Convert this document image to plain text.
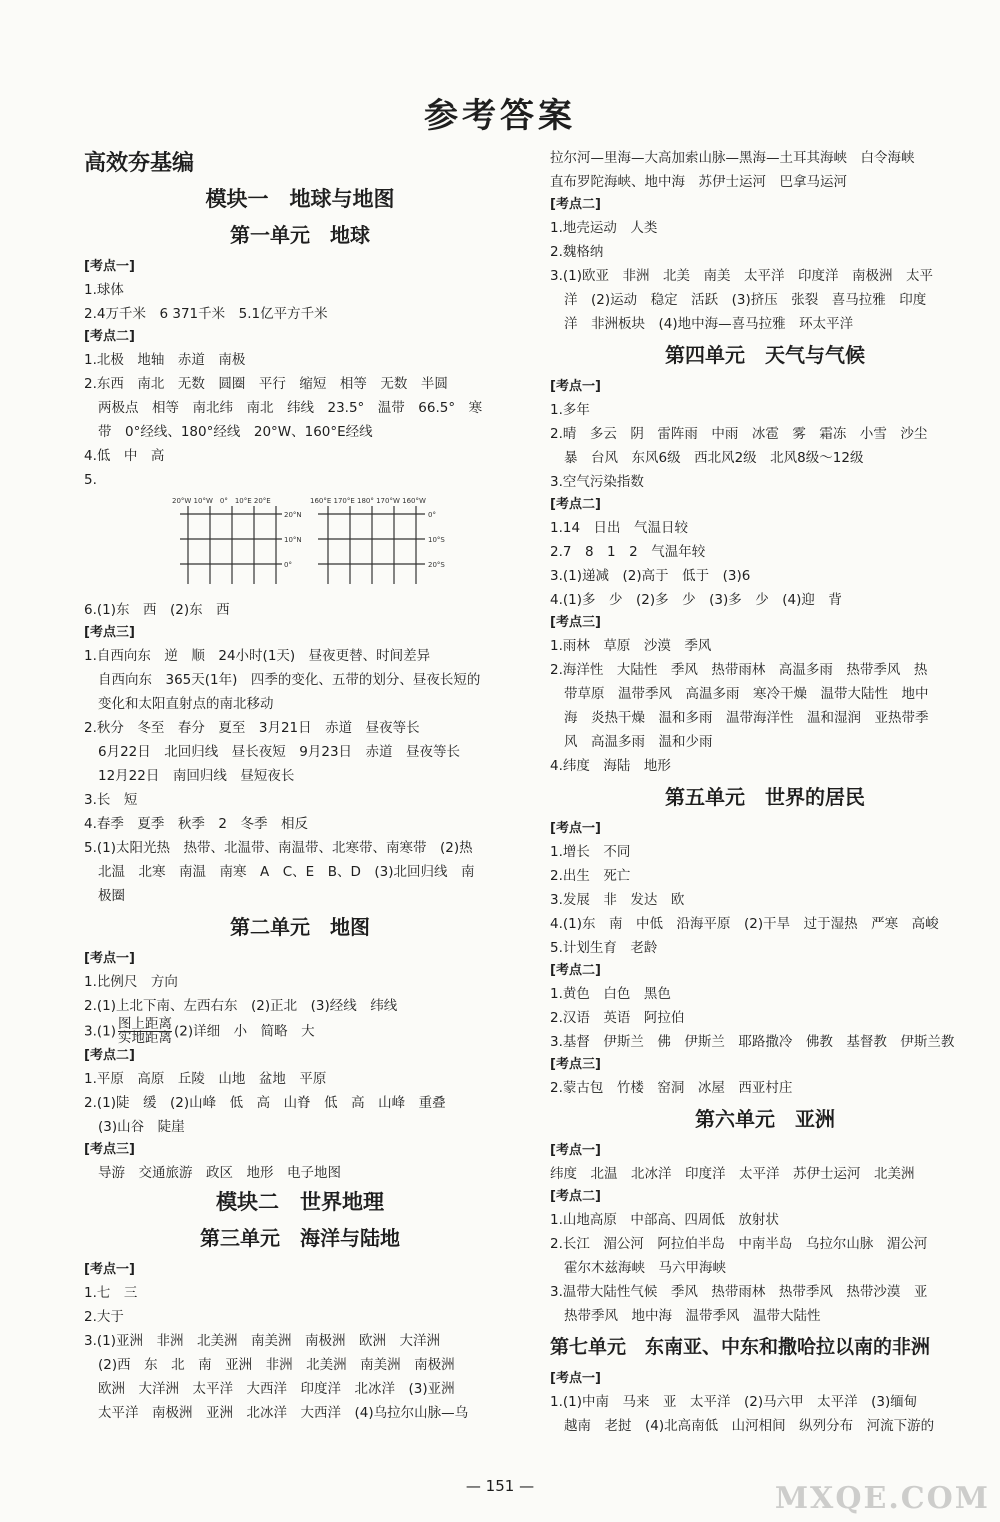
参考答案
高效夯基编
模块一　地球与地图
第一单元　地球
[考点一]
1.球体
2.4万千米　6 371千米　5.1亿平方千米
[考点二]
1.北极　地轴　赤道　南极
2.东西　南北　无数　圆圈　平行　缩短　相等　无数　半圆
两极点　相等　南北纬　南北　纬线　23.5°　温带　66.5°　寒
带　0°经线、180°经线　20°W、160°E经线
4.低　中　高
5.
20°W 10°W　0°　10°E 20°E
20°N
10°N
0°
160°E 170°E 180° 170°W 160°W
0°
10°S
20°S
6.(1)东　西　(2)东　西
[考点三]
1.自西向东　逆　顺　24小时(1天)　昼夜更替、时间差异
自西向东　365天(1年)　四季的变化、五带的划分、昼夜长短的
变化和太阳直射点的南北移动
2.秋分　冬至　春分　夏至　3月21日　赤道　昼夜等长
6月22日　北回归线　昼长夜短　9月23日　赤道　昼夜等长
12月22日　南回归线　昼短夜长
3.长　短
4.春季　夏季　秋季　2　冬季　相反
5.(1)太阳光热　热带、北温带、南温带、北寒带、南寒带　(2)热
北温　北寒　南温　南寒　A　C、E　B、D　(3)北回归线　南
极圈
第二单元　地图
[考点一]
1.比例尺　方向
2.(1)上北下南、左西右东　(2)正北　(3)经线　纬线
$3.(1) \frac{\text{图上距离}}{\text{实地距离}} (2)$详细　小　简略　大
[考点二]
1.平原　高原　丘陵　山地　盆地　平原
2.(1)陡　缓　(2)山峰　低　高　山脊　低　高　山峰　重叠
(3)山谷　陡崖
[考点三]
导游　交通旅游　政区　地形　电子地图
模块二　世界地理
第三单元　海洋与陆地
[考点一]
1.七　三
2.大于
3.(1)亚洲　非洲　北美洲　南美洲　南极洲　欧洲　大洋洲
(2)西　东　北　南　亚洲　非洲　北美洲　南美洲　南极洲
欧洲　大洋洲　太平洋　大西洋　印度洋　北冰洋　(3)亚洲
太平洋　南极洲　亚洲　北冰洋　大西洋　(4)乌拉尔山脉—乌
拉尔河—里海—大高加索山脉—黑海—土耳其海峡　白令海峡
直布罗陀海峡、地中海　苏伊士运河　巴拿马运河
[考点二]
1.地壳运动　人类
2.魏格纳
3.(1)欧亚　非洲　北美　南美　太平洋　印度洋　南极洲　太平
洋　(2)运动　稳定　活跃　(3)挤压　张裂　喜马拉雅　印度
洋　非洲板块　(4)地中海—喜马拉雅　环太平洋
第四单元　天气与气候
[考点一]
1.多年
2.晴　多云　阴　雷阵雨　中雨　冰雹　雾　霜冻　小雪　沙尘
暴　台风　东风6级　西北风2级　北风8级～12级
3.空气污染指数
[考点二]
1.14　日出　气温日较
2.7　8　1　2　气温年较
3.(1)递减　(2)高于　低于　(3)6
4.(1)多　少　(2)多　少　(3)多　少　(4)迎　背
[考点三]
1.雨林　草原　沙漠　季风
2.海洋性　大陆性　季风　热带雨林　高温多雨　热带季风　热
带草原　温带季风　高温多雨　寒冷干燥　温带大陆性　地中
海　炎热干燥　温和多雨　温带海洋性　温和湿润　亚热带季
风　高温多雨　温和少雨
4.纬度　海陆　地形
第五单元　世界的居民
[考点一]
1.增长　不同
2.出生　死亡
3.发展　非　发达　欧
4.(1)东　南　中低　沿海平原　(2)干旱　过于湿热　严寒　高峻
5.计划生育　老龄
[考点二]
1.黄色　白色　黑色
2.汉语　英语　阿拉伯
3.基督　伊斯兰　佛　伊斯兰　耶路撒冷　佛教　基督教　伊斯兰教
[考点三]
2.蒙古包　竹楼　窑洞　冰屋　西亚村庄
第六单元　亚洲
[考点一]
纬度　北温　北冰洋　印度洋　太平洋　苏伊士运河　北美洲
[考点二]
1.山地高原　中部高、四周低　放射状
2.长江　湄公河　阿拉伯半岛　中南半岛　乌拉尔山脉　湄公河
霍尔木兹海峡　马六甲海峡
3.温带大陆性气候　季风　热带雨林　热带季风　热带沙漠　亚
热带季风　地中海　温带季风　温带大陆性
第七单元　东南亚、中东和撒哈拉以南的非洲
[考点一]
1.(1)中南　马来　亚　太平洋　(2)马六甲　太平洋　(3)缅甸
越南　老挝　(4)北高南低　山河相间　纵列分布　河流下游的
— 151 —	MXQE.COM
